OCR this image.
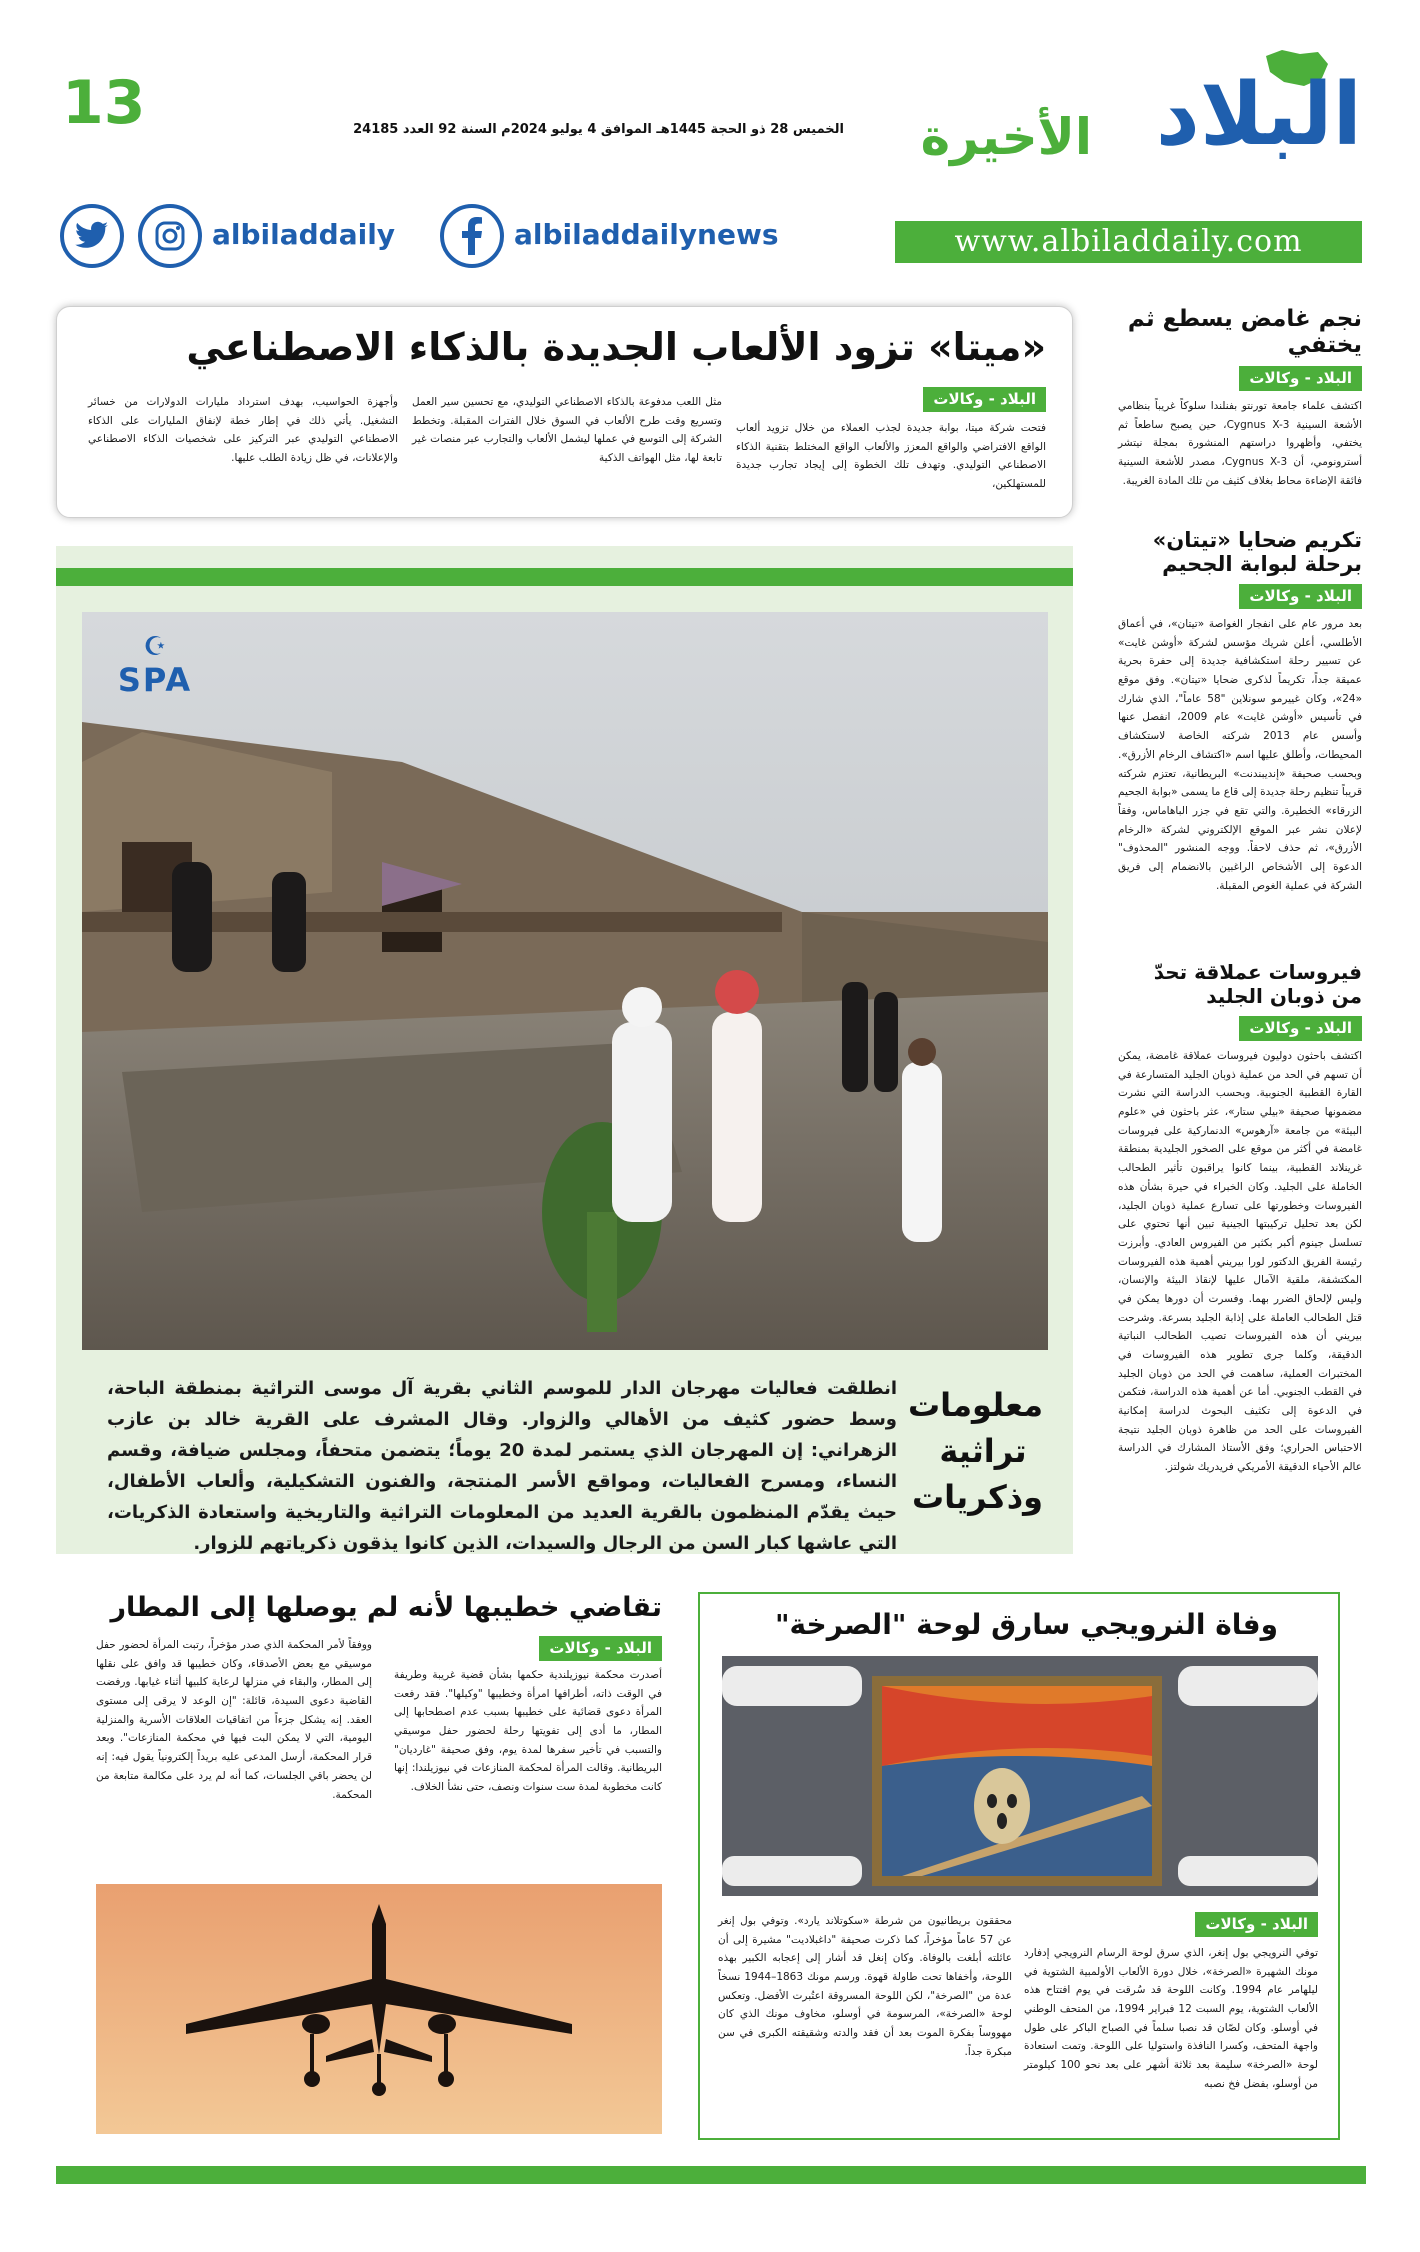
البلاد
الأخيرة
13	الخميس 28 ذو الحجة 1445هـ الموافق 4 يوليو 2024م السنة 92 العدد 24185
www.albiladdaily.com
albiladdaily	albiladdailynews
«ميتا» تزود الألعاب الجديدة بالذكاء الاصطناعي
البلاد - وكالات
فتحت شركة ميتا، بوابة جديدة لجذب العملاء من خلال تزويد ألعاب الواقع الافتراضي والواقع المعزز والألعاب الواقع المختلط بتقنية الذكاء الاصطناعي التوليدي. وتهدف تلك الخطوة إلى إيجاد تجارب جديدة للمستهلكين،
مثل اللعب مدفوعة بالذكاء الاصطناعي التوليدي، مع تحسين سير العمل وتسريع وقت طرح الألعاب في السوق خلال الفترات المقبلة. وتخطط الشركة إلى التوسع في عملها ليشمل الألعاب والتجارب عبر منصات غير تابعة لها، مثل الهواتف الذكية
وأجهزة الحواسيب، بهدف استرداد مليارات الدولارات من خسائر التشغيل. يأتي ذلك في إطار خطة لإنفاق المليارات على الذكاء الاصطناعي التوليدي عبر التركيز على شخصيات الذكاء الاصطناعي والإعلانات، في ظل زيادة الطلب عليها.
نجم غامض يسطع ثم يختفي
البلاد - وكالات
اكتشف علماء جامعة تورنتو بفنلندا سلوكاً غريباً بنظامي الأشعة السينية Cygnus X-3، حين يصبح ساطعاً ثم يختفي، وأظهروا دراستهم المنشورة بمجلة نيتشر أسترونومي، أن Cygnus X-3، مصدر للأشعة السينية فائقة الإضاءة محاط بغلاف كثيف من تلك المادة الغريبة.
تكريم ضحايا «تيتان» برحلة لبوابة الجحيم
البلاد - وكالات
بعد مرور عام على انفجار الغواصة «تيتان»، في أعماق الأطلسي، أعلن شريك مؤسس لشركة «أوشن غايت» عن تسيير رحلة استكشافية جديدة إلى حفرة بحرية عميقة جداً، تكريماً لذكرى ضحايا «تيتان». وفق موقع «24»، وكان غييرمو سونلاين "58 عاماً"، الذي شارك في تأسيس «أوشن غايت» عام 2009، انفصل عنها وأسس عام 2013 شركته الخاصة لاستكشاف المحيطات، وأطلق عليها اسم «اكتشاف الرخام الأزرق». وبحسب صحيفة «إنديبندنت» البريطانية، تعتزم شركته قريباً تنظيم رحلة جديدة إلى قاع ما يسمى «بوابة الجحيم الزرقاء» الخطيرة. والتي تقع في جزر الباهاماس، وفقاً لإعلان نشر عبر الموقع الإلكتروني لشركة «الرخام الأزرق»، ثم حذف لاحقاً. ووجه المنشور "المحذوف" الدعوة إلى الأشخاص الراغبين بالانضمام إلى فريق الشركة في عملية الغوص المقبلة.
فيروسات عملاقة تحدّ من ذوبان الجليد
البلاد - وكالات
اكتشف باحثون دوليون فيروسات عملاقة غامضة، يمكن أن تسهم في الحد من عملية ذوبان الجليد المتسارعة في القارة القطبية الجنوبية. وبحسب الدراسة التي نشرت مضمونها صحيفة «بيلي ستار»، عثر باحثون في «علوم البيئة» من جامعة «آرهوس» الدنماركية على فيروسات غامضة في أكثر من موقع على الصخور الجليدية بمنطقة غرينلاند القطبية، بينما كانوا يراقبون تأثير الطحالب الخاملة على الجليد. وكان الخبراء في حيرة بشأن هذه الفيروسات وخطورتها على تسارع عملية ذوبان الجليد، لكن بعد تحليل تركيبتها الجينية تبين أنها تحتوي على تسلسل جينوم أكبر بكثير من الفيروس العادي. وأبرزت رئيسة الفريق الدكتور لورا بيريني أهمية هذه الفيروسات المكتشفة، ملقية الآمال عليها لإنقاذ البيئة والإنسان، وليس لإلحاق الضرر بهما. وفسرت أن دورها يمكن في قتل الطحالب العاملة على إذابة الجليد بسرعة. وشرحت بيريني أن هذه الفيروسات تصيب الطحالب النباتية الدقيقة، وكلما جرى تطوير هذه الفيروسات في المختبرات العملية، ساهمت في الحد من ذوبان الجليد في القطب الجنوبي. أما عن أهمية هذه الدراسة، فتكمن في الدعوة إلى تكثيف البحوث لدراسة إمكانية الفيروسات على الحد من ظاهرة ذوبان الجليد نتيجة الاحتباس الحراري؛ وفق الأستاذ المشارك في الدراسة عالم الأحياء الدقيقة الأمريكي فريدريك شولتز.
☪
SPA
معلومات
تراثية
وذكريات
انطلقت فعاليات مهرجان الدار للموسم الثاني بقرية آل موسى التراثية بمنطقة الباحة، وسط حضور كثيف من الأهالي والزوار. وقال المشرف على القرية خالد بن عازب الزهراني: إن المهرجان الذي يستمر لمدة 20 يوماً؛ يتضمن متحفاً، ومجلس ضيافة، وقسم النساء، ومسرح الفعاليات، ومواقع الأسر المنتجة، والفنون التشكيلية، وألعاب الأطفال، حيث يقدّم المنظمون بالقرية العديد من المعلومات التراثية والتاريخية واستعادة الذكريات، التي عاشها كبار السن من الرجال والسيدات، الذين كانوا يذقون ذكرياتهم للزوار.
وفاة النرويجي سارق لوحة "الصرخة"
البلاد - وكالات
توفي النرويجي بول إنغر، الذي سرق لوحة الرسام النرويجي إدفارد مونك الشهيرة «الصرخة»، خلال دورة الألعاب الأولمبية الشتوية في ليلهامر عام 1994. وكانت اللوحة قد سُرقت في يوم افتتاح هذه الألعاب الشتوية، يوم السبت 12 فبراير 1994، من المتحف الوطني في أوسلو. وكان لصّان قد نصبا سلماً في الصباح الباكر على طول واجهة المتحف، وكسرا النافذة واستوليا على اللوحة. وتمت استعادة لوحة «الصرخة» سليمة بعد ثلاثة أشهر على بعد نحو 100 كيلومتر من أوسلو، بفضل فخ نصبه
محققون بريطانيون من شرطة «سكوتلاند يارد». وتوفي بول إنغر عن 57 عاماً مؤخراً، كما ذكرت صحيفة "داغبلاديت" مشيرة إلى أن عائلته أبلغت بالوفاة. وكان إنغل قد أشار إلى إعجابه الكبير بهذه اللوحة، وأخفاها تحت طاولة قهوة. ورسم مونك 1863–1944 نسخاً عدة من "الصرخة"، لكن اللوحة المسروقة اعتُبرت الأفضل. وتعكس لوحة «الصرخة»، المرسومة في أوسلو، مخاوف مونك الذي كان مهووساً بفكرة الموت بعد أن فقد والدته وشقيقته الكبرى في سن مبكرة جداً.
تقاضي خطيبها لأنه لم يوصلها إلى المطار
البلاد - وكالات
أصدرت محكمة نيوزيلندية حكمها بشأن قضية غريبة وطريفة في الوقت ذاته، أطرافها امرأة وخطيبها "وكيلها". فقد رفعت المرأة دعوى قضائية على خطيبها بسبب عدم اصطحابها إلى المطار، ما أدى إلى تفويتها رحلة لحضور حفل موسيقي والتسبب في تأخير سفرها لمدة يوم، وفق صحيفة "غارديان" البريطانية. وقالت المرأة لمحكمة المنازعات في نيوزيلندا: إنها كانت مخطوبة لمدة ست سنوات ونصف، حتى نشأ الخلاف.
ووفقاً لأمر المحكمة الذي صدر مؤخراً، رتبت المرأة لحضور حفل موسيقي مع بعض الأصدقاء، وكان خطيبها قد وافق على نقلها إلى المطار، والبقاء في منزلها لرعاية كلبيها أثناء غيابها. ورفضت القاضية دعوى السيدة، قائلة: "إن الوعد لا يرقى إلى مستوى العقد. إنه يشكل جزءاً من اتفاقيات العلاقات الأسرية والمنزلية اليومية، التي لا يمكن البت فيها في محكمة المنازعات". وبعد قرار المحكمة، أرسل المدعى عليه بريداً إلكترونياً يقول فيه: إنه لن يحضر باقي الجلسات، كما أنه لم يرد على مكالمة متابعة من المحكمة.
